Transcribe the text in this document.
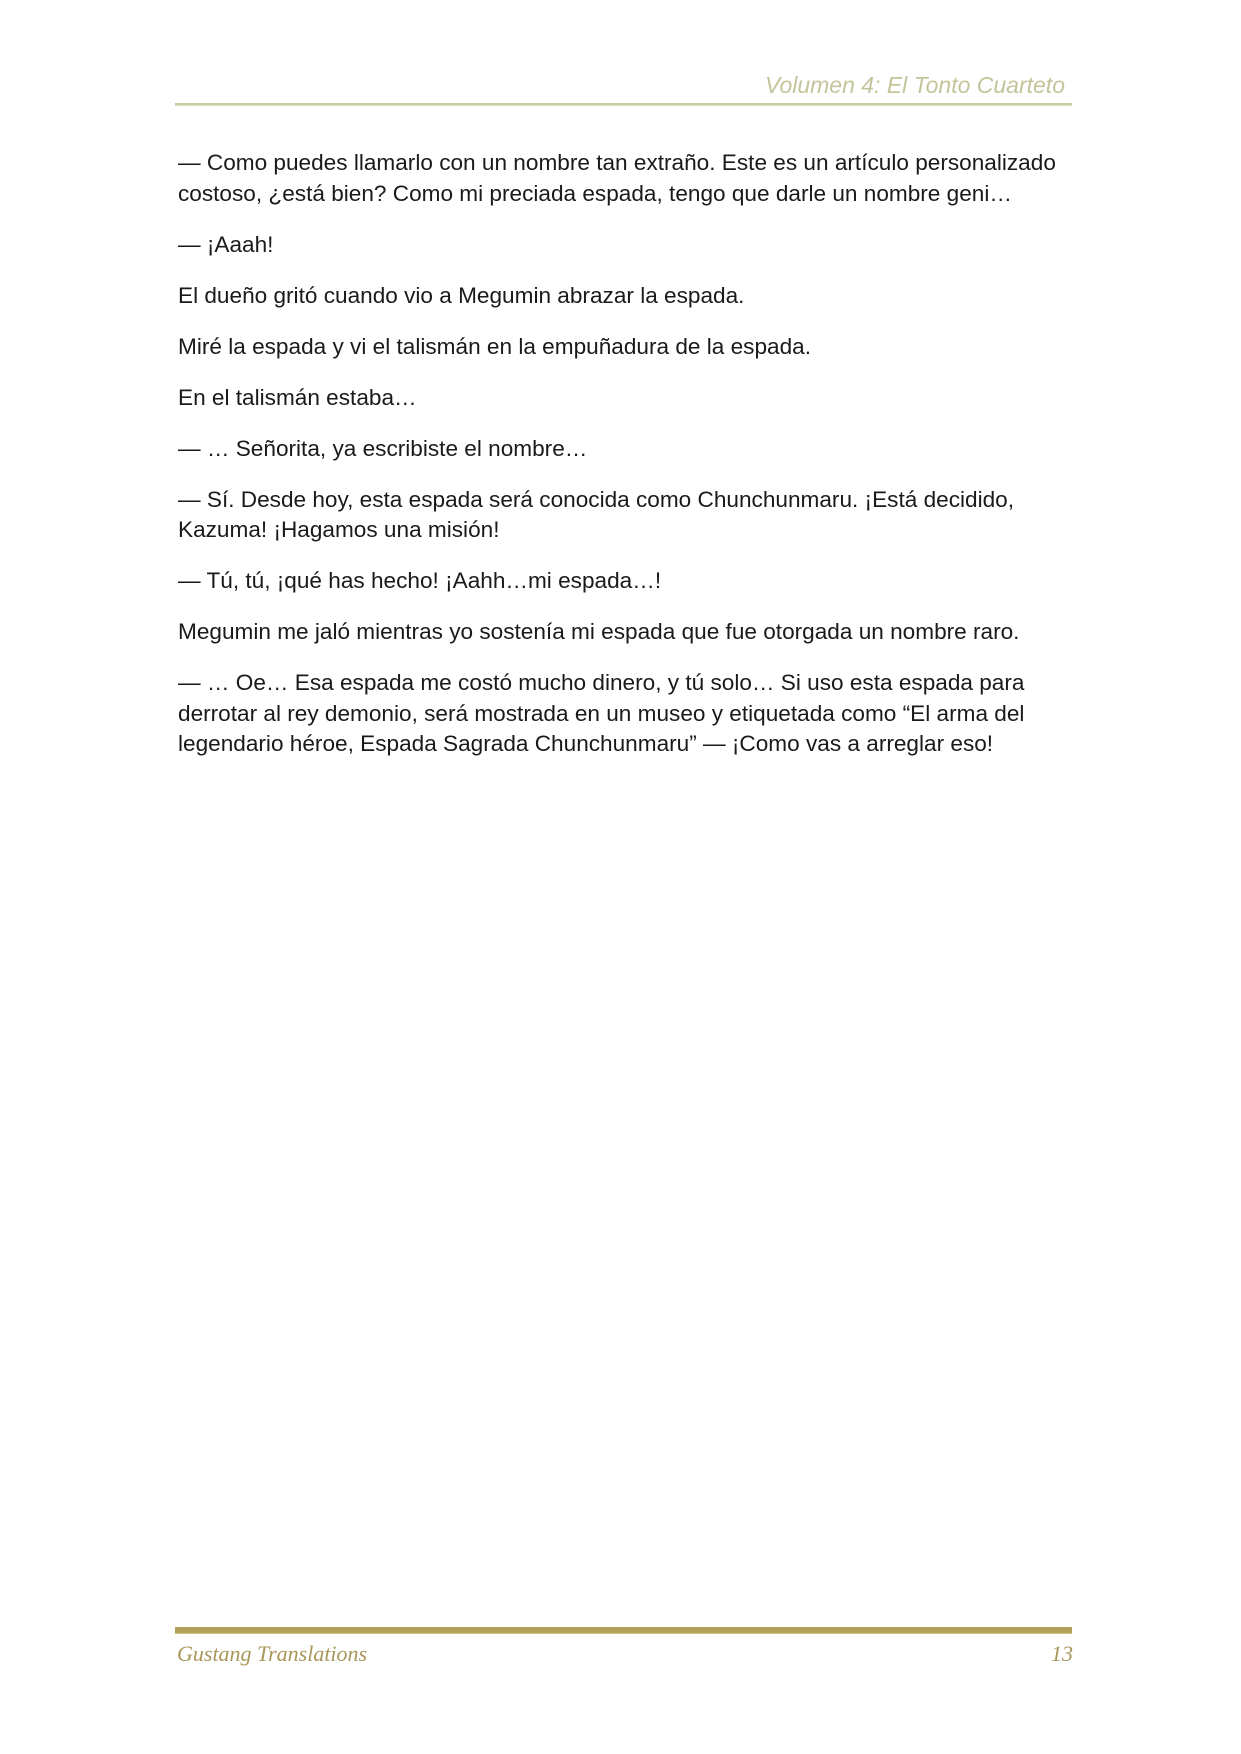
Volumen 4: El Tonto Cuarteto

— Como puedes llamarlo con un nombre tan extraño. Este es un artículo personalizado costoso, ¿está bien? Como mi preciada espada, tengo que darle un nombre geni…

— ¡Aaah!

El dueño gritó cuando vio a Megumin abrazar la espada.

Miré la espada y vi el talismán en la empuñadura de la espada.

En el talismán estaba…

— … Señorita, ya escribiste el nombre…

— Sí. Desde hoy, esta espada será conocida como Chunchunmaru. ¡Está decidido, Kazuma! ¡Hagamos una misión!

— Tú, tú, ¡qué has hecho! ¡Aahh…mi espada…!

Megumin me jaló mientras yo sostenía mi espada que fue otorgada un nombre raro.

— … Oe… Esa espada me costó mucho dinero, y tú solo… Si uso esta espada para derrotar al rey demonio, será mostrada en un museo y etiquetada como “El arma del legendario héroe, Espada Sagrada Chunchunmaru” — ¡Como vas a arreglar eso!

Gustang Translations	13
